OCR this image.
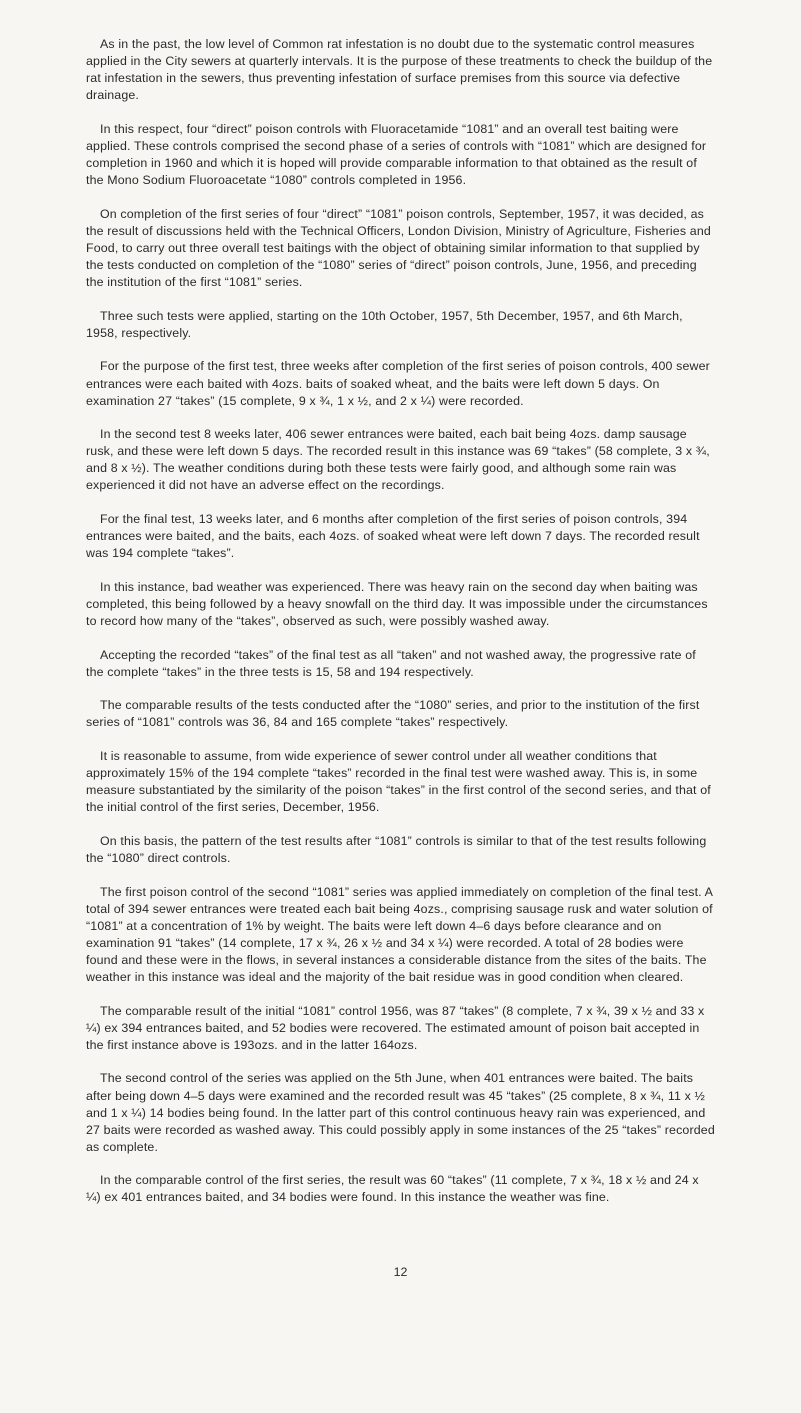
As in the past, the low level of Common rat infestation is no doubt due to the systematic control measures applied in the City sewers at quarterly intervals. It is the purpose of these treatments to check the buildup of the rat infestation in the sewers, thus preventing infestation of surface premises from this source via defective drainage.

In this respect, four “direct” poison controls with Fluoracetamide “1081” and an overall test baiting were applied. These controls comprised the second phase of a series of controls with “1081” which are designed for completion in 1960 and which it is hoped will provide comparable information to that obtained as the result of the Mono Sodium Fluoroacetate “1080” controls completed in 1956.

On completion of the first series of four “direct” “1081” poison controls, September, 1957, it was decided, as the result of discussions held with the Technical Officers, London Division, Ministry of Agriculture, Fisheries and Food, to carry out three overall test baitings with the object of obtaining similar information to that supplied by the tests conducted on completion of the “1080” series of “direct” poison controls, June, 1956, and preceding the institution of the first “1081” series.

Three such tests were applied, starting on the 10th October, 1957, 5th December, 1957, and 6th March, 1958, respectively.

For the purpose of the first test, three weeks after completion of the first series of poison controls, 400 sewer entrances were each baited with 4ozs. baits of soaked wheat, and the baits were left down 5 days. On examination 27 “takes” (15 complete, 9 x ¾, 1 x ½, and 2 x ¼) were recorded.

In the second test 8 weeks later, 406 sewer entrances were baited, each bait being 4ozs. damp sausage rusk, and these were left down 5 days. The recorded result in this instance was 69 “takes” (58 complete, 3 x ¾, and 8 x ½). The weather conditions during both these tests were fairly good, and although some rain was experienced it did not have an adverse effect on the recordings.

For the final test, 13 weeks later, and 6 months after completion of the first series of poison controls, 394 entrances were baited, and the baits, each 4ozs. of soaked wheat were left down 7 days. The recorded result was 194 complete “takes”.

In this instance, bad weather was experienced. There was heavy rain on the second day when baiting was completed, this being followed by a heavy snowfall on the third day. It was impossible under the circumstances to record how many of the “takes”, observed as such, were possibly washed away.

Accepting the recorded “takes” of the final test as all “taken” and not washed away, the progressive rate of the complete “takes” in the three tests is 15, 58 and 194 respectively.

The comparable results of the tests conducted after the “1080” series, and prior to the institution of the first series of “1081” controls was 36, 84 and 165 complete “takes” respectively.

It is reasonable to assume, from wide experience of sewer control under all weather conditions that approximately 15% of the 194 complete “takes” recorded in the final test were washed away. This is, in some measure substantiated by the similarity of the poison “takes” in the first control of the second series, and that of the initial control of the first series, December, 1956.

On this basis, the pattern of the test results after “1081” controls is similar to that of the test results following the “1080” direct controls.

The first poison control of the second “1081” series was applied immediately on completion of the final test. A total of 394 sewer entrances were treated each bait being 4ozs., comprising sausage rusk and water solution of “1081” at a concentration of 1% by weight. The baits were left down 4–6 days before clearance and on examination 91 “takes” (14 complete, 17 x ¾, 26 x ½ and 34 x ¼) were recorded. A total of 28 bodies were found and these were in the flows, in several instances a considerable distance from the sites of the baits. The weather in this instance was ideal and the majority of the bait residue was in good condition when cleared.

The comparable result of the initial “1081” control 1956, was 87 “takes” (8 complete, 7 x ¾, 39 x ½ and 33 x ¼) ex 394 entrances baited, and 52 bodies were recovered. The estimated amount of poison bait accepted in the first instance above is 193ozs. and in the latter 164ozs.

The second control of the series was applied on the 5th June, when 401 entrances were baited. The baits after being down 4–5 days were examined and the recorded result was 45 “takes” (25 complete, 8 x ¾, 11 x ½ and 1 x ¼) 14 bodies being found. In the latter part of this control continuous heavy rain was experienced, and 27 baits were recorded as washed away. This could possibly apply in some instances of the 25 “takes” recorded as complete.

In the comparable control of the first series, the result was 60 “takes” (11 complete, 7 x ¾, 18 x ½ and 24 x ¼) ex 401 entrances baited, and 34 bodies were found. In this instance the weather was fine.

12
